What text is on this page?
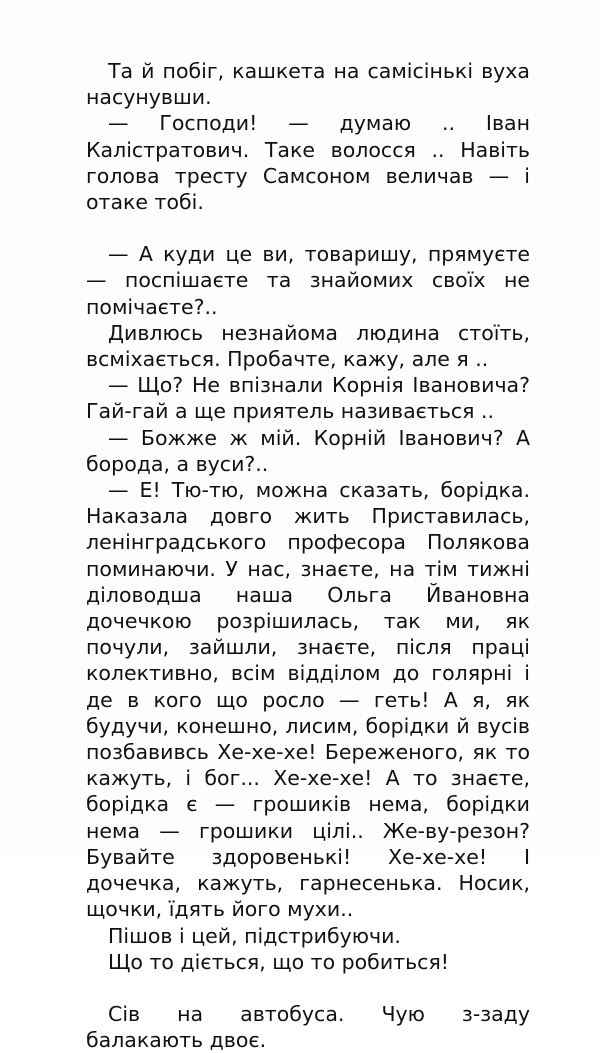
Та й побіг, кашкета на самісінькі вуха насунувши.

— Господи! — думаю .. Іван Калістратович. Таке волосся .. Навіть голова тресту Самсоном величав — і отаке тобі.

— А куди це ви, товаришу, прямуєте — поспішаєте та знайомих своїх не помічаєте?..

Дивлюсь незнайома людина стоїть, всміхається. Пробачте, кажу, але я ..

— Що? Не впізнали Корнія Івановича? Гай-гай а ще приятель називається ..

— Божже ж мій. Корній Іванович? А борода, а вуси?..

— Е! Тю-тю, можна сказать, борідка. Наказала довго жить Приставилась, ленінградського професора Полякова поминаючи. У нас, знаєте, на тім тижні діловодша наша Ольга Йвановна дочечкою розрішилась, так ми, як почули, зайшли, знаєте, після праці колективно, всім відділом до голярні і де в кого що росло — геть! А я, як будучи, конешно, лисим, борідки й вусів позбавивсь Хе-хе-хе! Береженого, як то кажуть, і бог... Хе-хе-хе! А то знаєте, борідка є — грошиків нема, борідки нема — грошики цілі.. Же-ву-резон? Бувайте здоровенькі! Хе-хе-хе! І дочечка, кажуть, гарнесенька. Носик, щочки, їдять його мухи..

Пішов і цей, підстрибуючи.

Що то діється, що то робиться!

Сів на автобуса. Чую з-заду балакають двоє.
